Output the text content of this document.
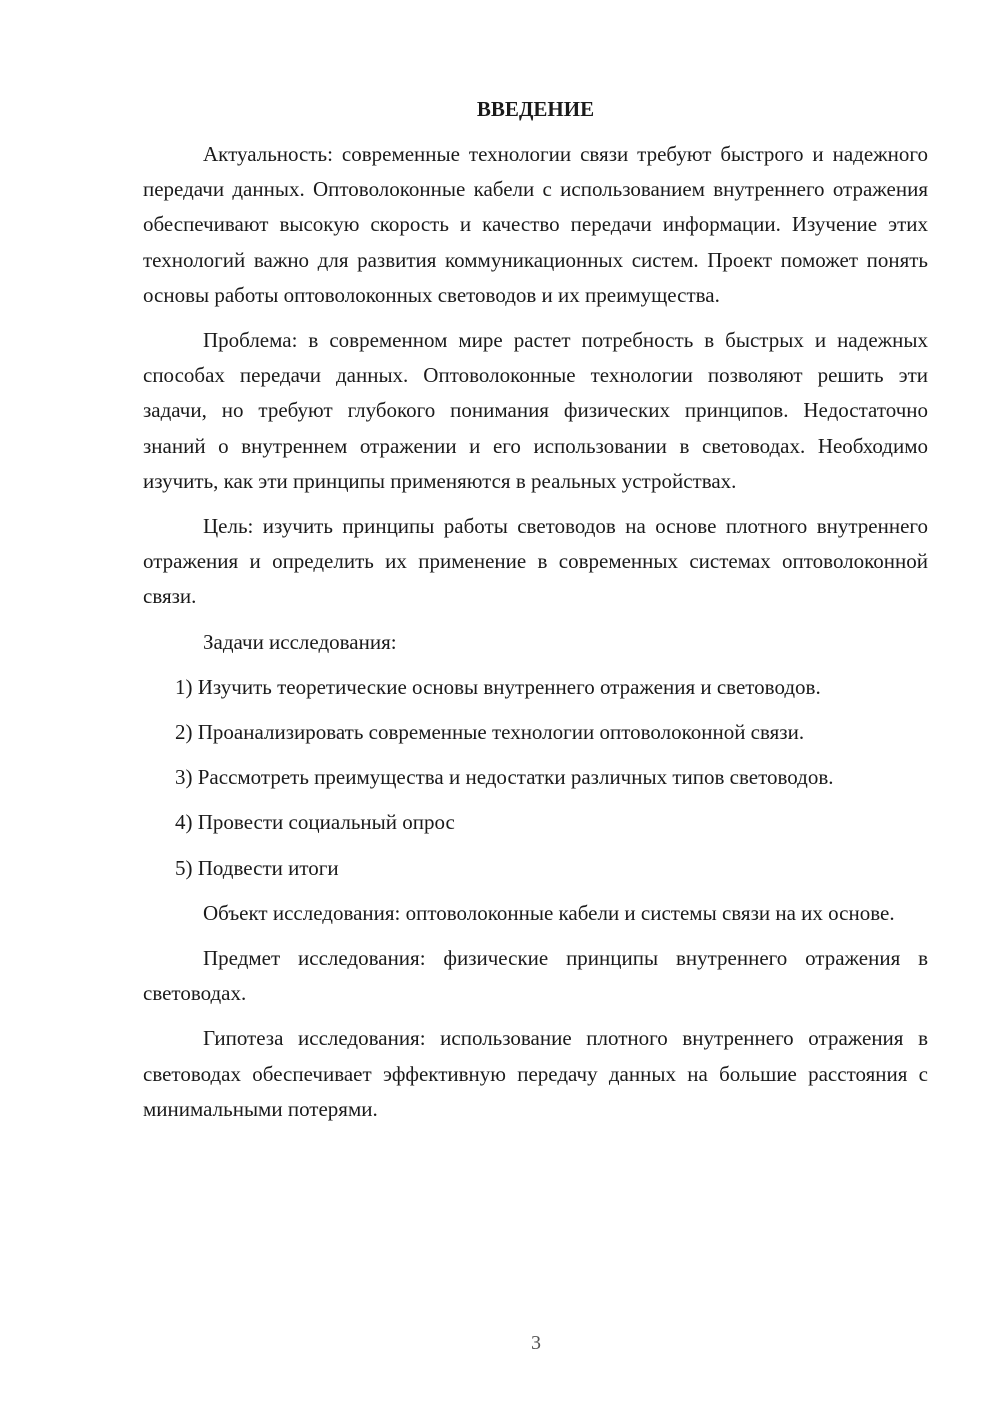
ВВЕДЕНИЕ

Актуальность: современные технологии связи требуют быстрого и надежного передачи данных. Оптоволоконные кабели с использованием внутреннего отражения обеспечивают высокую скорость и качество передачи информации. Изучение этих технологий важно для развития коммуникационных систем. Проект поможет понять основы работы оптоволоконных световодов и их преимущества.

Проблема: в современном мире растет потребность в быстрых и надежных способах передачи данных. Оптоволоконные технологии позволяют решить эти задачи, но требуют глубокого понимания физических принципов. Недостаточно знаний о внутреннем отражении и его использовании в световодах. Необходимо изучить, как эти принципы применяются в реальных устройствах.

Цель: изучить принципы работы световодов на основе плотного внутреннего отражения и определить их применение в современных системах оптоволоконной связи.

Задачи исследования:

1) Изучить теоретические основы внутреннего отражения и световодов.

2) Проанализировать современные технологии оптоволоконной связи.

3) Рассмотреть преимущества и недостатки различных типов световодов.

4) Провести социальный опрос

5) Подвести итоги

Объект исследования: оптоволоконные кабели и системы связи на их основе.

Предмет исследования: физические принципы внутреннего отражения в световодах.

Гипотеза исследования: использование плотного внутреннего отражения в световодах обеспечивает эффективную передачу данных на большие расстояния с минимальными потерями.

3
